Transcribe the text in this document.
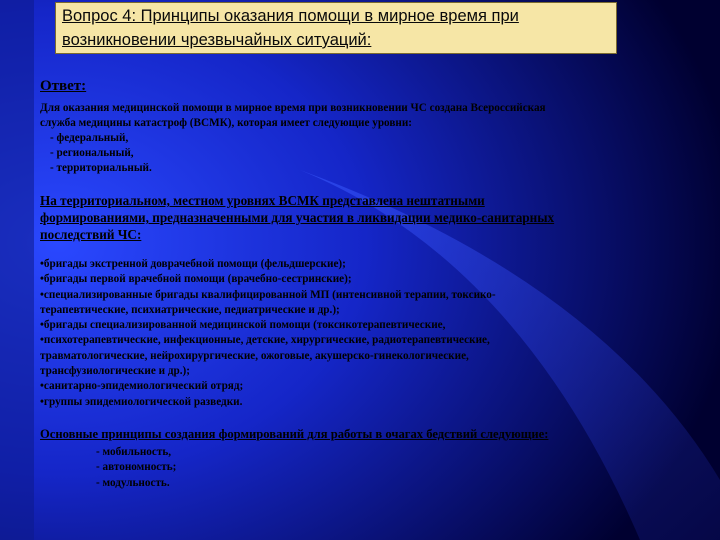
Вопрос 4: Принципы оказания помощи в мирное время при
возникновении чрезвычайных ситуаций:
Ответ:
Для оказания медицинской помощи в мирное время при возникновении ЧС создана Всероссийская
служба медицины катастроф (ВСМК), которая имеет следующие уровни:
- федеральный,
- региональный,
- территориальный.
На территориальном, местном уровнях ВСМК представлена нештатными
формированиями, предназначенными для участия в ликвидации медико-санитарных
последствий ЧС:
•бригады экстренной доврачебной помощи (фельдшерские);
•бригады первой врачебной помощи (врачебно-сестринские);
•специализированные бригады квалифицированной МП (интенсивной терапии, токсико-
терапевтические, психиатрические, педиатрические и др.);
•бригады специализированной медицинской помощи (токсикотерапевтические,
•психотерапевтические, инфекционные, детские, хирургические, радиотерапевтические,
травматологические, нейрохирургические, ожоговые, акушерско-гинекологические,
трансфузиологические и др.);
•санитарно-эпидемиологический отряд;
•группы эпидемиологической разведки.
Основные принципы создания формирований для работы в очагах бедствий следующие:
- мобильность,
- автономность;
- модульность.
